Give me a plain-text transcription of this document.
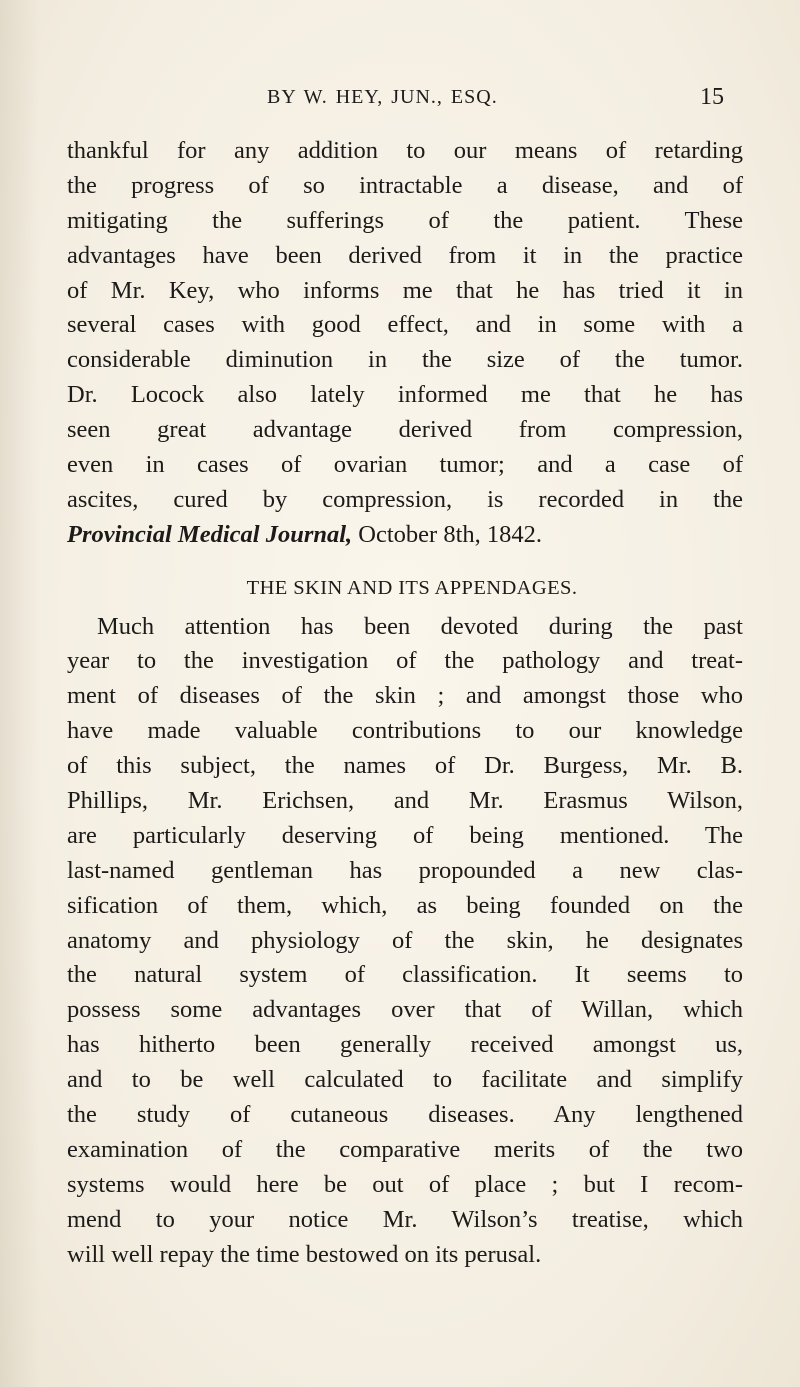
BY W. HEY, JUN., ESQ.	15
thankful for any addition to our means of retarding
the progress of so intractable a disease, and of
mitigating the sufferings of the patient. These
advantages have been derived from it in the practice
of Mr. Key, who informs me that he has tried it in
several cases with good effect, and in some with a
considerable diminution in the size of the tumor.
Dr. Locock also lately informed me that he has
seen great advantage derived from compression,
even in cases of ovarian tumor; and a case of
ascites, cured by compression, is recorded in the
Provincial Medical Journal, October 8th, 1842.
THE SKIN AND ITS APPENDAGES.
Much attention has been devoted during the past
year to the investigation of the pathology and treat-
ment of diseases of the skin ; and amongst those who
have made valuable contributions to our knowledge
of this subject, the names of Dr. Burgess, Mr. B.
Phillips, Mr. Erichsen, and Mr. Erasmus Wilson,
are particularly deserving of being mentioned. The
last-named gentleman has propounded a new clas-
sification of them, which, as being founded on the
anatomy and physiology of the skin, he designates
the natural system of classification. It seems to
possess some advantages over that of Willan, which
has hitherto been generally received amongst us,
and to be well calculated to facilitate and simplify
the study of cutaneous diseases. Any lengthened
examination of the comparative merits of the two
systems would here be out of place ; but I recom-
mend to your notice Mr. Wilson’s treatise, which
will well repay the time bestowed on its perusal.
